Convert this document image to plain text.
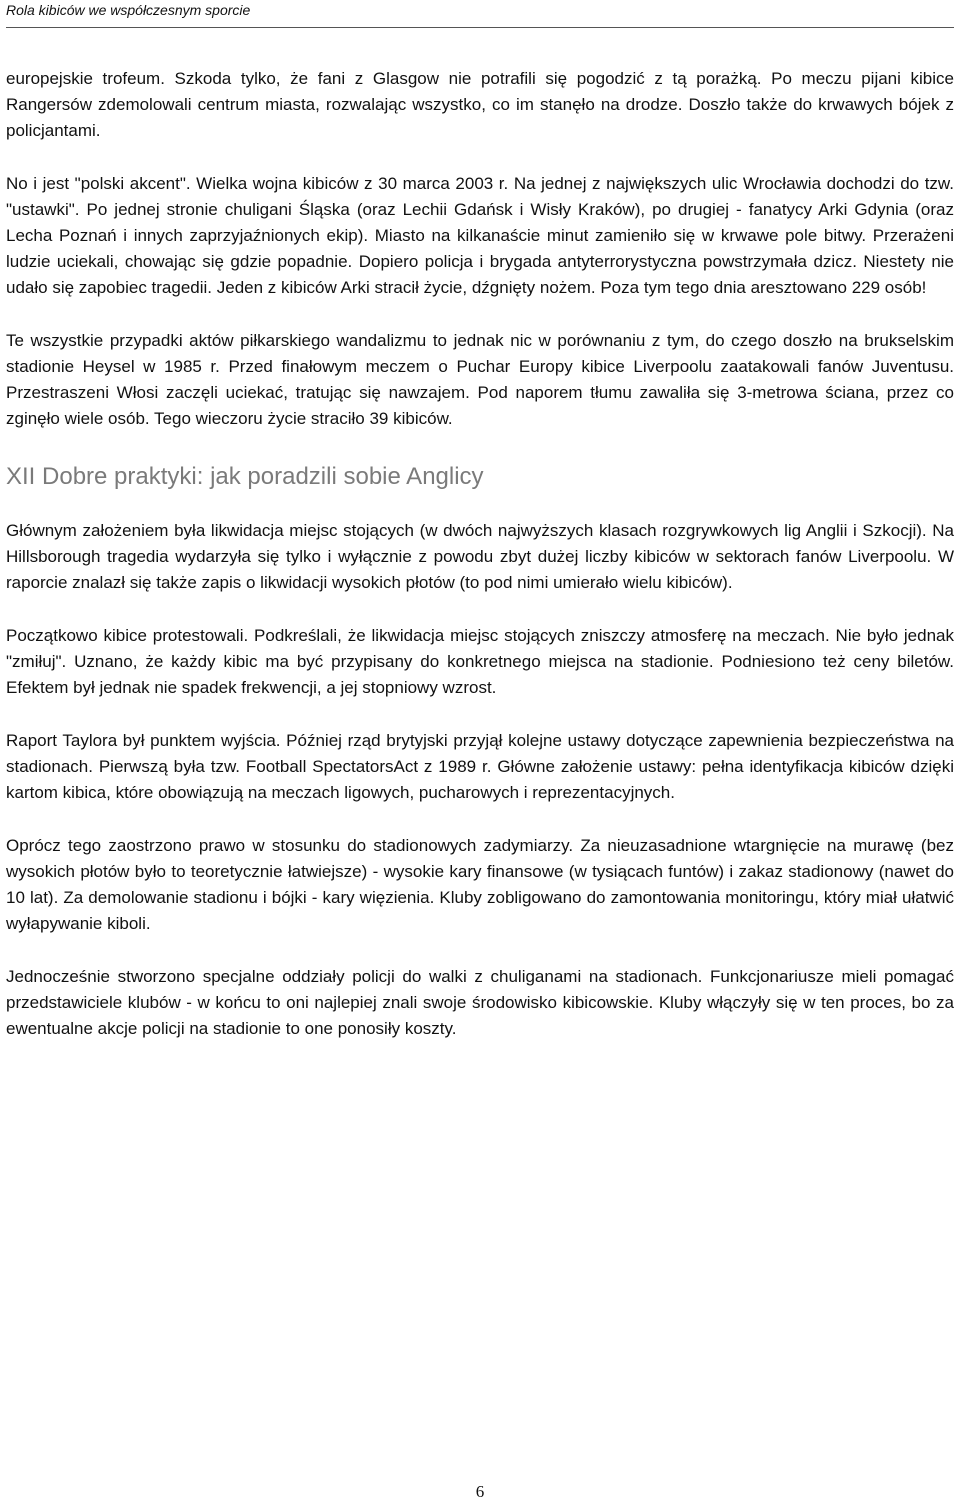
Rola kibiców we współczesnym sporcie

europejskie trofeum. Szkoda tylko, że fani z Glasgow nie potrafili się pogodzić z tą porażką. Po meczu pijani kibice Rangersów zdemolowali centrum miasta, rozwalając wszystko, co im stanęło na drodze. Doszło także do krwawych bójek z policjantami.

No i jest "polski akcent". Wielka wojna kibiców z 30 marca 2003 r. Na jednej z największych ulic Wrocławia dochodzi do tzw. "ustawki". Po jednej stronie chuligani Śląska (oraz Lechii Gdańsk i Wisły Kraków), po drugiej - fanatycy Arki Gdynia (oraz Lecha Poznań i innych zaprzyjaźnionych ekip). Miasto na kilkanaście minut zamieniło się w krwawe pole bitwy. Przerażeni ludzie uciekali, chowając się gdzie popadnie. Dopiero policja i brygada antyterrorystyczna powstrzymała dzicz. Niestety nie udało się zapobiec tragedii. Jeden z kibiców Arki stracił życie, dźgnięty nożem. Poza tym tego dnia aresztowano 229 osób!

Te wszystkie przypadki aktów piłkarskiego wandalizmu to jednak nic w porównaniu z tym, do czego doszło na brukselskim stadionie Heysel w 1985 r. Przed finałowym meczem o Puchar Europy kibice Liverpoolu zaatakowali fanów Juventusu. Przestraszeni Włosi zaczęli uciekać, tratując się nawzajem. Pod naporem tłumu zawaliła się 3-metrowa ściana, przez co zginęło wiele osób. Tego wieczoru życie straciło 39 kibiców.

XII Dobre praktyki: jak poradzili sobie Anglicy

Głównym założeniem była likwidacja miejsc stojących (w dwóch najwyższych klasach rozgrywkowych lig Anglii i Szkocji). Na Hillsborough tragedia wydarzyła się tylko i wyłącznie z powodu zbyt dużej liczby kibiców w sektorach fanów Liverpoolu. W raporcie znalazł się także zapis o likwidacji wysokich płotów (to pod nimi umierało wielu kibiców).

Początkowo kibice protestowali. Podkreślali, że likwidacja miejsc stojących zniszczy atmosferę na meczach. Nie było jednak "zmiłuj". Uznano, że każdy kibic ma być przypisany do konkretnego miejsca na stadionie. Podniesiono też ceny biletów. Efektem był jednak nie spadek frekwencji, a jej stopniowy wzrost.

Raport Taylora był punktem wyjścia. Później rząd brytyjski przyjął kolejne ustawy dotyczące zapewnienia bezpieczeństwa na stadionach. Pierwszą była tzw. Football SpectatorsAct z 1989 r. Główne założenie ustawy: pełna identyfikacja kibiców dzięki kartom kibica, które obowiązują na meczach ligowych, pucharowych i reprezentacyjnych.

Oprócz tego zaostrzono prawo w stosunku do stadionowych zadymiarzy. Za nieuzasadnione wtargnięcie na murawę (bez wysokich płotów było to teoretycznie łatwiejsze) - wysokie kary finansowe (w tysiącach funtów) i zakaz stadionowy (nawet do 10 lat). Za demolowanie stadionu i bójki - kary więzienia. Kluby zobligowano do zamontowania monitoringu, który miał ułatwić wyłapywanie kiboli.

Jednocześnie stworzono specjalne oddziały policji do walki z chuliganami na stadionach. Funkcjonariusze mieli pomagać przedstawiciele klubów - w końcu to oni najlepiej znali swoje środowisko kibicowskie. Kluby włączyły się w ten proces, bo za ewentualne akcje policji na stadionie to one ponosiły koszty.

6
